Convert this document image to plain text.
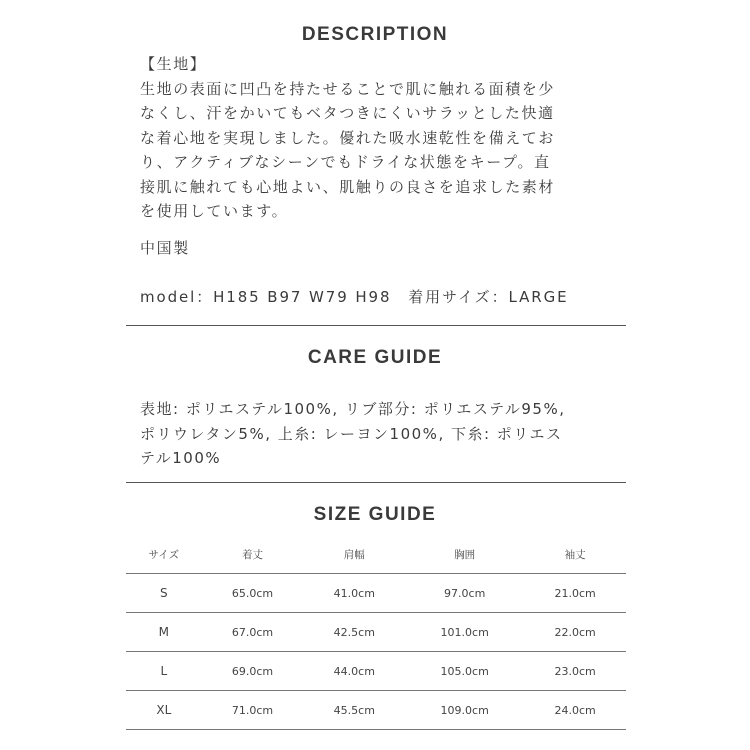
DESCRIPTION

【生地】

生地の表面に凹凸を持たせることで肌に触れる面積を少

なくし、汗をかいてもベタつきにくいサラッとした快適

な着心地を実現しました。優れた吸水速乾性を備えてお

り、アクティブなシーンでもドライな状態をキープ。直

接肌に触れても心地よい、肌触りの良さを追求した素材

を使用しています。

中国製

model：H185 B97 W79 H98　着用サイズ：LARGE

CARE GUIDE

表地: ポリエステル100%, リブ部分: ポリエステル95%,

ポリウレタン5%, 上糸: レーヨン100%, 下糸: ポリエス

テル100%

SIZE GUIDE
サイズ	着丈	肩幅	胸囲	袖丈
S	65.0cm	41.0cm	97.0cm	21.0cm
M	67.0cm	42.5cm	101.0cm	22.0cm
L	69.0cm	44.0cm	105.0cm	23.0cm
XL	71.0cm	45.5cm	109.0cm	24.0cm
